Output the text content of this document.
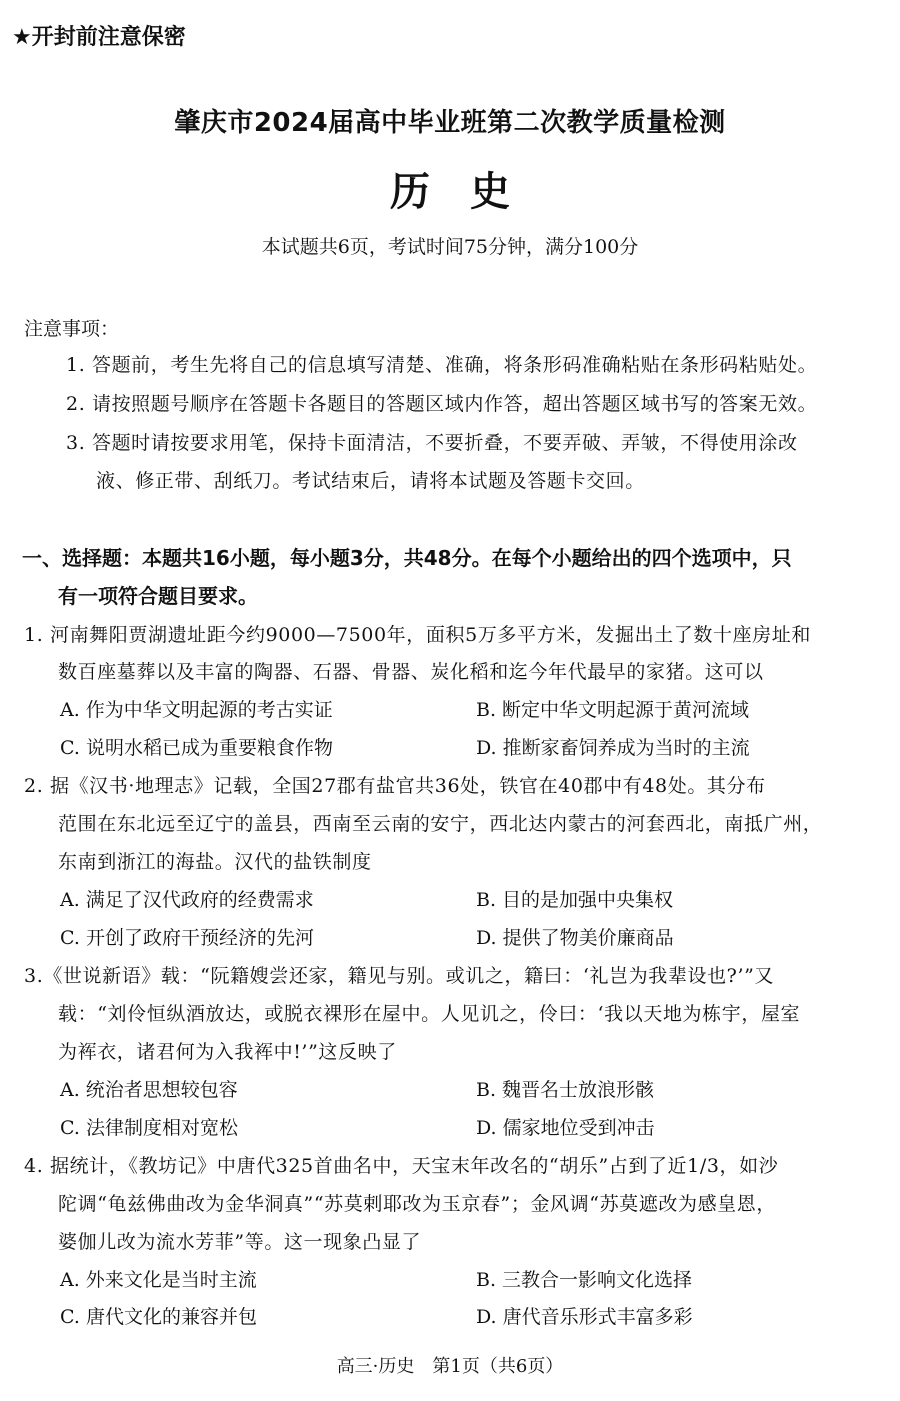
★开封前注意保密
肇庆市2024届高中毕业班第二次教学质量检测
历 史
本试题共6页，考试时间75分钟，满分100分
注意事项：
1. 答题前，考生先将自己的信息填写清楚、准确，将条形码准确粘贴在条形码粘贴处。
2. 请按照题号顺序在答题卡各题目的答题区域内作答，超出答题区域书写的答案无效。
3. 答题时请按要求用笔，保持卡面清洁，不要折叠，不要弄破、弄皱，不得使用涂改
液、修正带、刮纸刀。考试结束后，请将本试题及答题卡交回。
一、选择题：本题共16小题，每小题3分，共48分。在每个小题给出的四个选项中，只
有一项符合题目要求。
1. 河南舞阳贾湖遗址距今约9000—7500年，面积5万多平方米，发掘出土了数十座房址和
数百座墓葬以及丰富的陶器、石器、骨器、炭化稻和迄今年代最早的家猪。这可以
A. 作为中华文明起源的考古实证	B. 断定中华文明起源于黄河流域
C. 说明水稻已成为重要粮食作物	D. 推断家畜饲养成为当时的主流
2. 据《汉书·地理志》记载，全国27郡有盐官共36处，铁官在40郡中有48处。其分布
范围在东北远至辽宁的盖县，西南至云南的安宁，西北达内蒙古的河套西北，南抵广州，
东南到浙江的海盐。汉代的盐铁制度
A. 满足了汉代政府的经费需求	B. 目的是加强中央集权
C. 开创了政府干预经济的先河	D. 提供了物美价廉商品
3.《世说新语》载：“阮籍嫂尝还家，籍见与别。或讥之，籍曰：‘礼岂为我辈设也?’”又
载：“刘伶恒纵酒放达，或脱衣裸形在屋中。人见讥之，伶曰：‘我以天地为栋宇，屋室
为裈衣，诸君何为入我裈中!’”这反映了
A. 统治者思想较包容	B. 魏晋名士放浪形骸
C. 法律制度相对宽松	D. 儒家地位受到冲击
4. 据统计，《教坊记》中唐代325首曲名中，天宝末年改名的“胡乐”占到了近1/3，如沙
陀调“龟兹佛曲改为金华洞真”“苏莫剌耶改为玉京春”；金风调“苏莫遮改为感皇恩，
婆伽儿改为流水芳菲”等。这一现象凸显了
A. 外来文化是当时主流	B. 三教合一影响文化选择
C. 唐代文化的兼容并包	D. 唐代音乐形式丰富多彩
高三·历史　第1页（共6页）
